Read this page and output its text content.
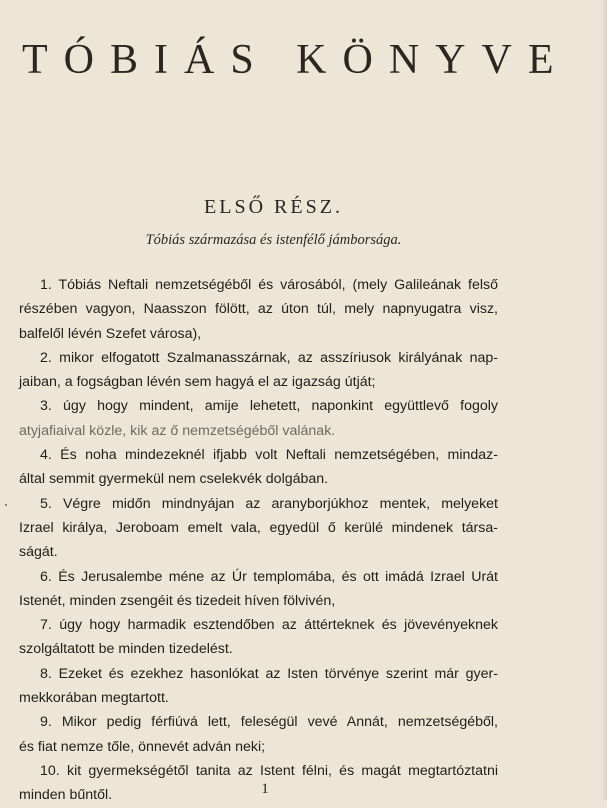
TÓBIÁS KÖNYVE
ELSŐ RÉSZ.

Tóbiás származása és istenfélő jámborsága.

1. Tóbiás Neftali nemzetségéből és városából, (mely Galileának felső
részében vagyon, Naasszon fölött, az úton túl, mely napnyugatra visz,
balfelől lévén Szefet városa),
2. mikor elfogatott Szalmanasszárnak, az asszíriusok királyának nap-
jaiban, a fogságban lévén sem hagyá el az igazság útját;
3. úgy hogy mindent, amije lehetett, naponkint együttlevő fogoly
atyjafiaival közle, kik az ő nemzetségéből valának.
4. És noha mindezeknél ifjabb volt Neftali nemzetségében, mindaz-
által semmit gyermekül nem cselekvék dolgában.
5. Végre midőn mindnyájan az aranyborjúkhoz mentek, melyeket
Izrael királya, Jeroboam emelt vala, egyedül ő kerülé mindenek társa-
ságát.
6. És Jerusalembe méne az Úr templomába, és ott imádá Izrael Urát
Istenét, minden zsengéit és tizedeit híven fölvivén,
7. úgy hogy harmadik esztendőben az áttérteknek és jövevényeknek
szolgáltatott be minden tizedelést.
8. Ezeket és ezekhez hasonlókat az Isten törvénye szerint már gyer-
mekkorában megtartott.
9. Mikor pedig férfiúvá lett, feleségül vevé Annát, nemzetségéből,
és fiat nemze tőle, önnevét adván neki;
10. kit gyermekségétől tanita az Istent félni, és magát megtartóztatni
minden bűntől.	1
